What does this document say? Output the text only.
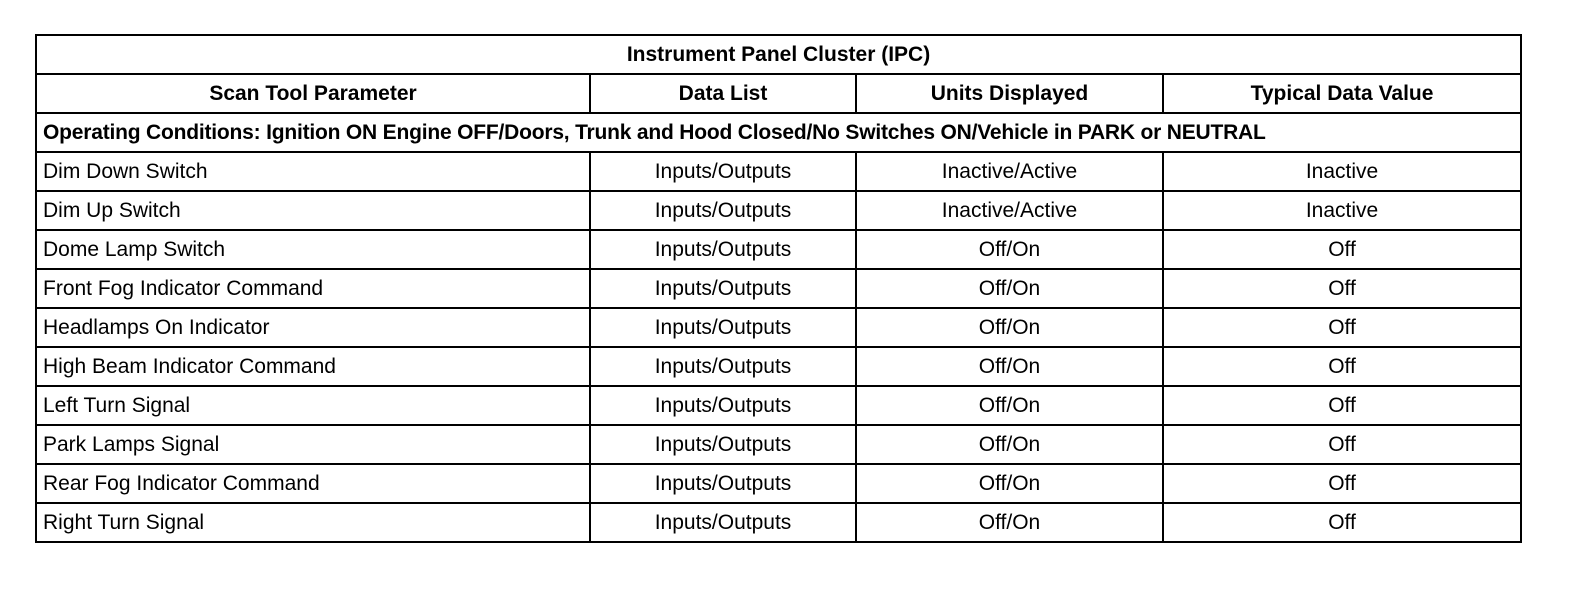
Instrument Panel Cluster (IPC)			
Scan Tool Parameter	Data List	Units Displayed	Typical Data Value
Operating Conditions: Ignition ON Engine OFF/Doors, Trunk and Hood Closed/No Switches ON/Vehicle in PARK or NEUTRAL			
Dim Down Switch	Inputs/Outputs	Inactive/Active	Inactive
Dim Up Switch	Inputs/Outputs	Inactive/Active	Inactive
Dome Lamp Switch	Inputs/Outputs	Off/On	Off
Front Fog Indicator Command	Inputs/Outputs	Off/On	Off
Headlamps On Indicator	Inputs/Outputs	Off/On	Off
High Beam Indicator Command	Inputs/Outputs	Off/On	Off
Left Turn Signal	Inputs/Outputs	Off/On	Off
Park Lamps Signal	Inputs/Outputs	Off/On	Off
Rear Fog Indicator Command	Inputs/Outputs	Off/On	Off
Right Turn Signal	Inputs/Outputs	Off/On	Off
